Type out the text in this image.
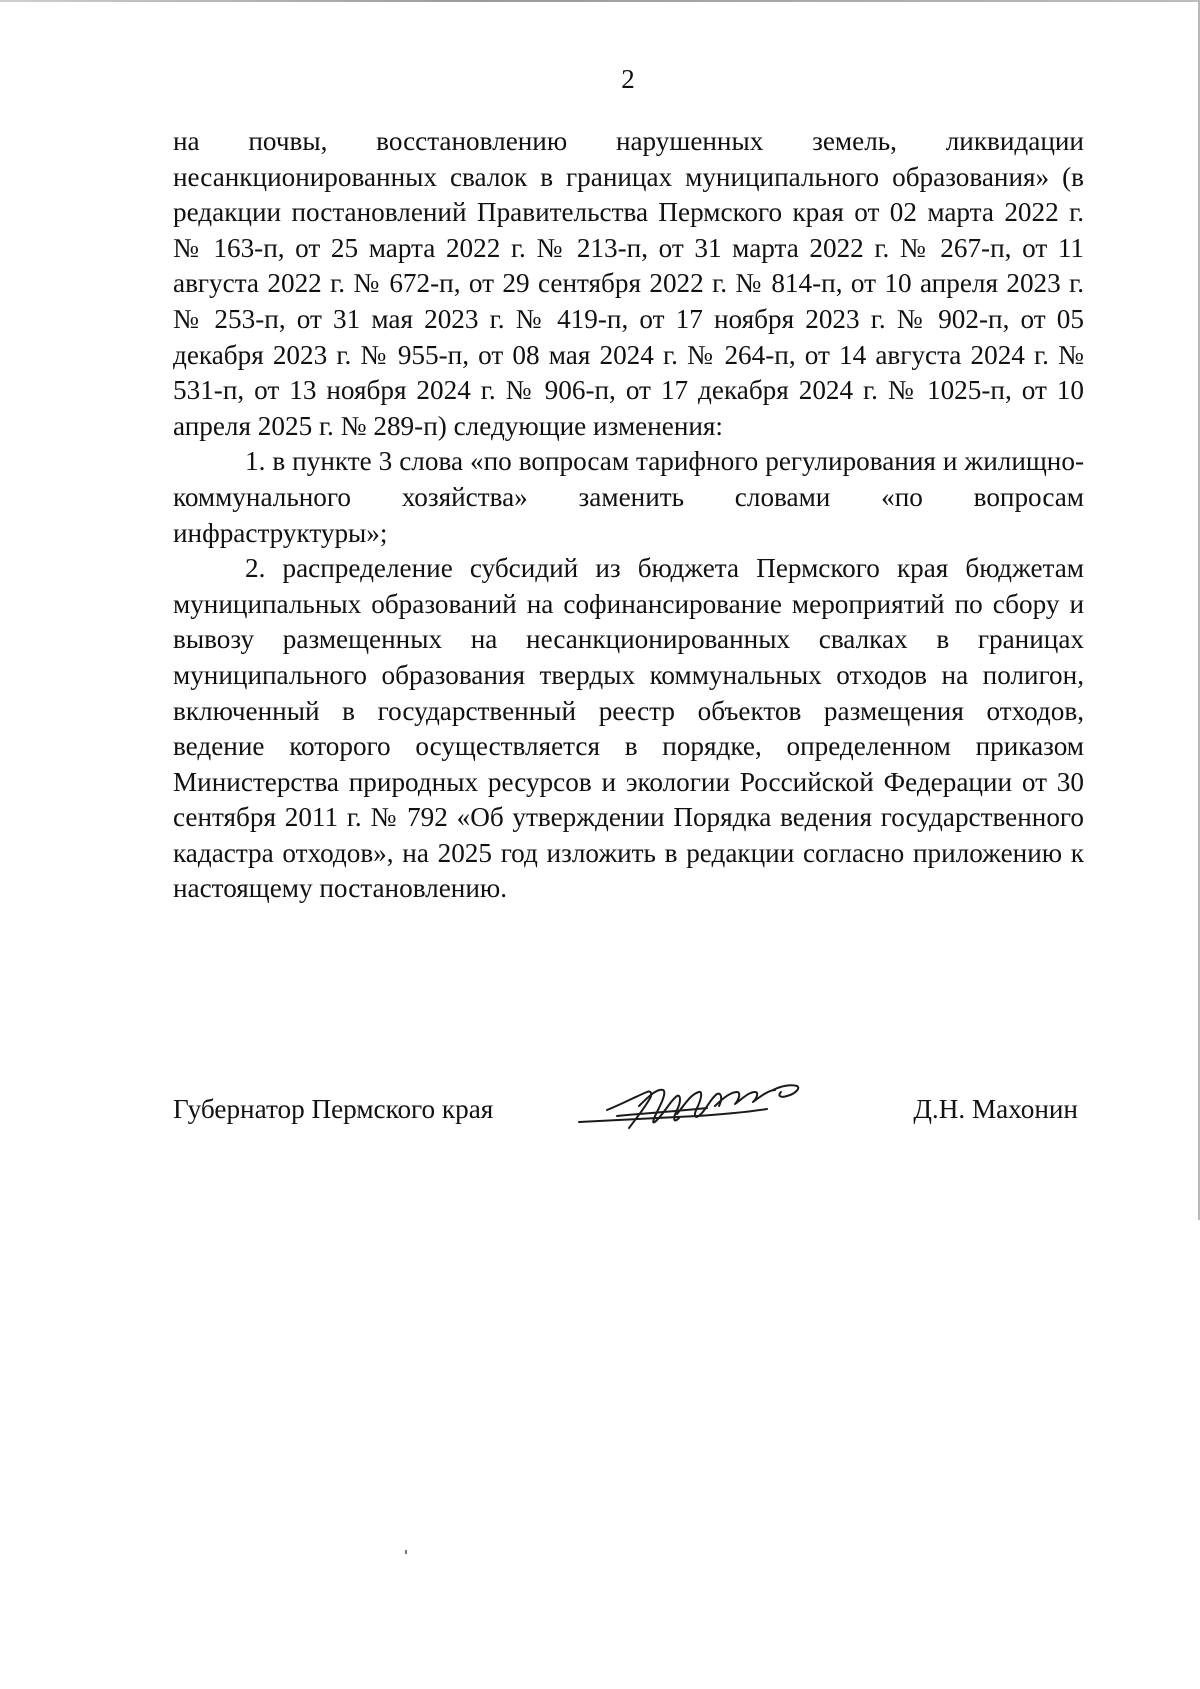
2

на почвы, восстановлению нарушенных земель, ликвидации несанкционированных свалок в границах муниципального образования» (в редакции постановлений Правительства Пермского края от 02 марта 2022 г. № 163-п, от 25 марта 2022 г. № 213-п, от 31 марта 2022 г. № 267-п, от 11 августа 2022 г. № 672-п, от 29 сентября 2022 г. № 814-п, от 10 апреля 2023 г. № 253-п, от 31 мая 2023 г. № 419-п, от 17 ноября 2023 г. № 902-п, от 05 декабря 2023 г. № 955-п, от 08 мая 2024 г. № 264-п, от 14 августа 2024 г. № 531-п, от 13 ноября 2024 г. № 906-п, от 17 декабря 2024 г. № 1025-п, от 10 апреля 2025 г. № 289-п) следующие изменения:

1. в пункте 3 слова «по вопросам тарифного регулирования и жилищно-коммунального хозяйства» заменить словами «по вопросам инфраструктуры»;

2. распределение субсидий из бюджета Пермского края бюджетам муниципальных образований на софинансирование мероприятий по сбору и вывозу размещенных на несанкционированных свалках в границах муниципального образования твердых коммунальных отходов на полигон, включенный в государственный реестр объектов размещения отходов, ведение которого осуществляется в порядке, определенном приказом Министерства природных ресурсов и экологии Российской Федерации от 30 сентября 2011 г. № 792 «Об утверждении Порядка ведения государственного кадастра отходов», на 2025 год изложить в редакции согласно приложению к настоящему постановлению.

Губернатор Пермского края	Д.Н. Махонин
